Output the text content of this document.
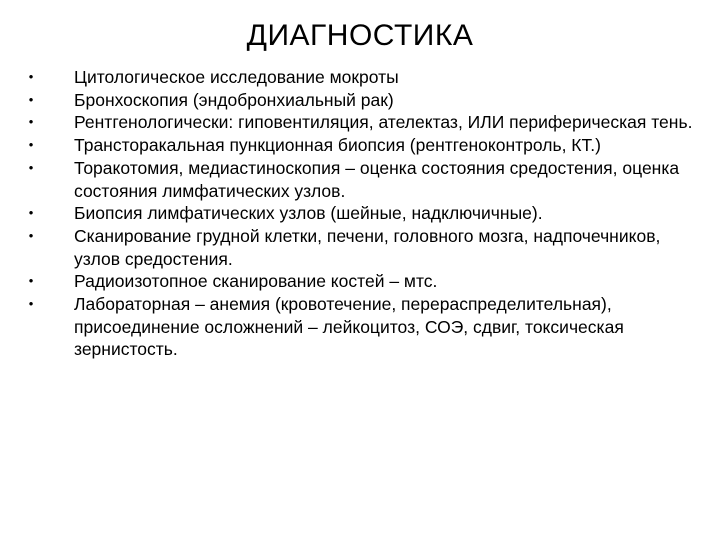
ДИАГНОСТИКА
• Цитологическое исследование мокроты
• Бронхоскопия (эндобронхиальный рак)
• Рентгенологически: гиповентиляция, ателектаз, ИЛИ периферическая тень.
• Трансторакальная пункционная биопсия (рентгеноконтроль, КТ.)
• Торакотомия, медиастиноскопия – оценка состояния средостения, оценка состояния лимфатических узлов.
• Биопсия лимфатических узлов (шейные, надключичные).
• Сканирование грудной клетки, печени, головного мозга, надпочечников, узлов средостения.
• Радиоизотопное сканирование костей – мтс.
• Лабораторная – анемия (кровотечение, перераспределительная), присоединение осложнений – лейкоцитоз, СОЭ, сдвиг, токсическая зернистость.
